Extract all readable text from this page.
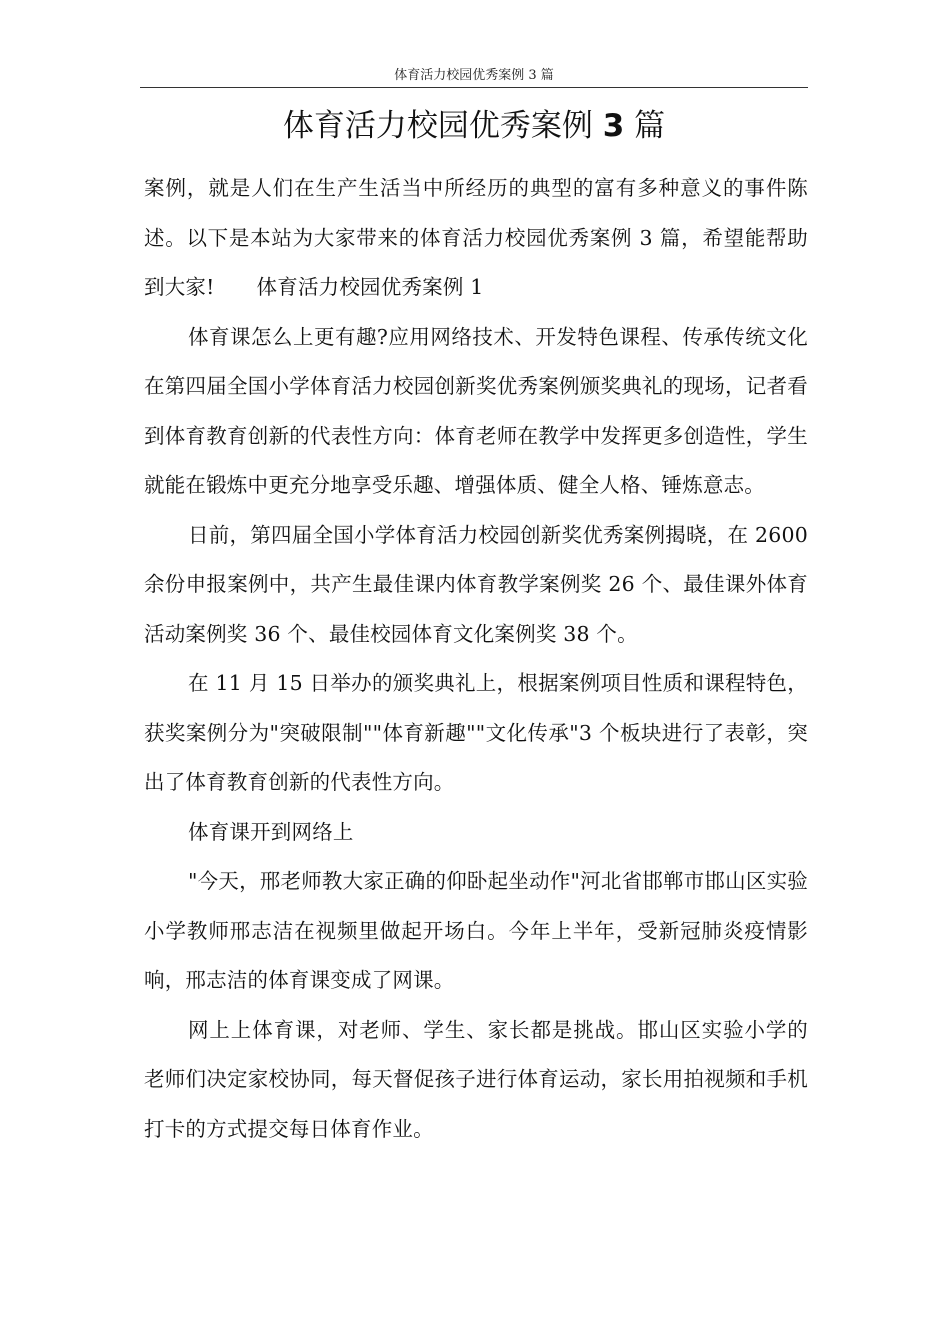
体育活力校园优秀案例 3 篇
体育活力校园优秀案例 3 篇

案例，就是人们在生产生活当中所经历的典型的富有多种意义的事件陈述。以下是本站为大家带来的体育活力校园优秀案例 3 篇，希望能帮助到大家! 体育活力校园优秀案例 1

体育课怎么上更有趣?应用网络技术、开发特色课程、传承传统文化在第四届全国小学体育活力校园创新奖优秀案例颁奖典礼的现场，记者看到体育教育创新的代表性方向：体育老师在教学中发挥更多创造性，学生就能在锻炼中更充分地享受乐趣、增强体质、健全人格、锤炼意志。

日前，第四届全国小学体育活力校园创新奖优秀案例揭晓，在 2600 余份申报案例中，共产生最佳课内体育教学案例奖 26 个、最佳课外体育活动案例奖 36 个、最佳校园体育文化案例奖 38 个。

在 11 月 15 日举办的颁奖典礼上，根据案例项目性质和课程特色，获奖案例分为"突破限制""体育新趣""文化传承"3 个板块进行了表彰，突出了体育教育创新的代表性方向。

体育课开到网络上

"今天，邢老师教大家正确的仰卧起坐动作"河北省邯郸市邯山区实验小学教师邢志洁在视频里做起开场白。今年上半年，受新冠肺炎疫情影响，邢志洁的体育课变成了网课。

网上上体育课，对老师、学生、家长都是挑战。邯山区实验小学的老师们决定家校协同，每天督促孩子进行体育运动，家长用拍视频和手机打卡的方式提交每日体育作业。
